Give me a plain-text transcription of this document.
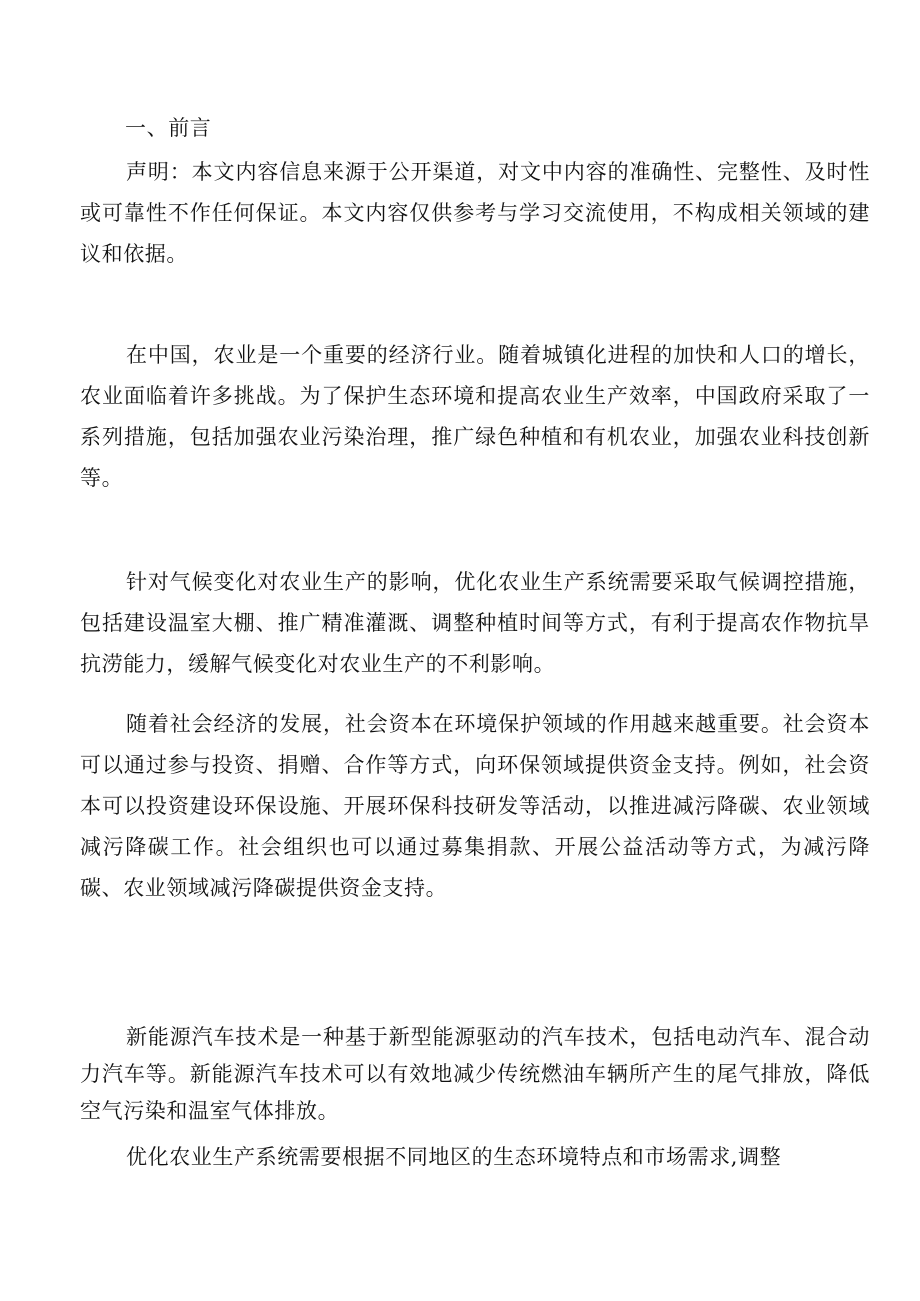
一、前言

声明：本文内容信息来源于公开渠道，对文中内容的准确性、完整性、及时性或可靠性不作任何保证。本文内容仅供参考与学习交流使用，不构成相关领域的建议和依据。

在中国，农业是一个重要的经济行业。随着城镇化进程的加快和人口的增长，农业面临着许多挑战。为了保护生态环境和提高农业生产效率，中国政府采取了一系列措施，包括加强农业污染治理，推广绿色种植和有机农业，加强农业科技创新等。

针对气候变化对农业生产的影响，优化农业生产系统需要采取气候调控措施，包括建设温室大棚、推广精准灌溉、调整种植时间等方式，有利于提高农作物抗旱抗涝能力，缓解气候变化对农业生产的不利影响。

随着社会经济的发展，社会资本在环境保护领域的作用越来越重要。社会资本可以通过参与投资、捐赠、合作等方式，向环保领域提供资金支持。例如，社会资本可以投资建设环保设施、开展环保科技研发等活动，以推进减污降碳、农业领域减污降碳工作。社会组织也可以通过募集捐款、开展公益活动等方式，为减污降碳、农业领域减污降碳提供资金支持。

新能源汽车技术是一种基于新型能源驱动的汽车技术，包括电动汽车、混合动力汽车等。新能源汽车技术可以有效地减少传统燃油车辆所产生的尾气排放，降低空气污染和温室气体排放。

优化农业生产系统需要根据不同地区的生态环境特点和市场需求,调整
